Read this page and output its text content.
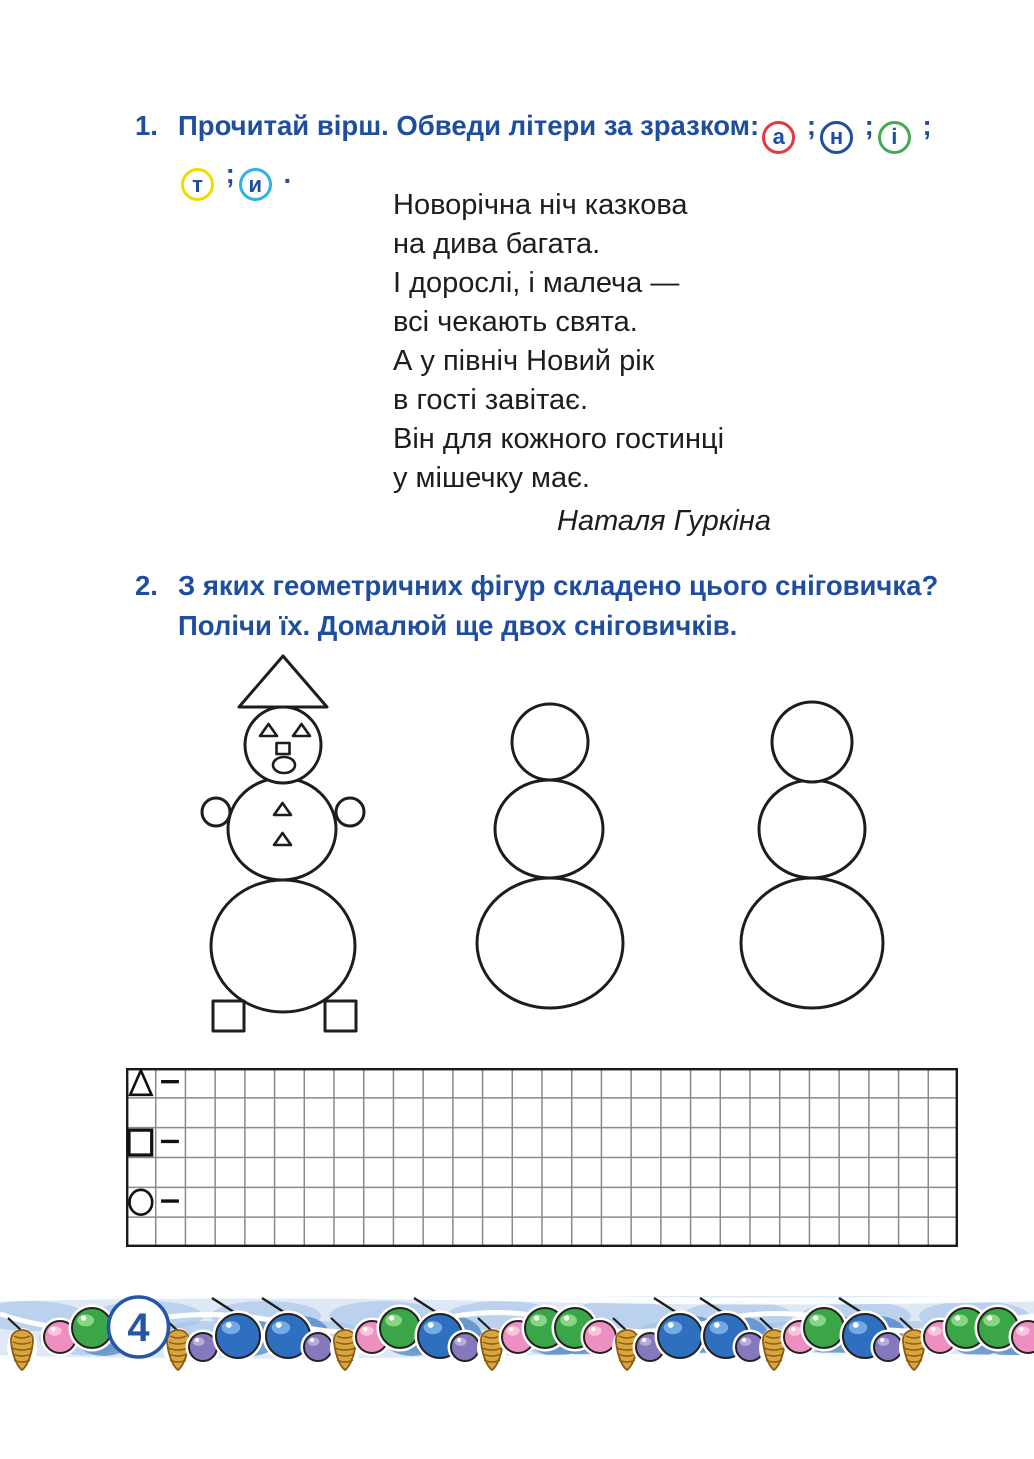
1. Прочитай вірш. Обведи літери за зразком: а ; н ; і ;
т ; и .
Новорічна ніч казкова
на дива багата.
І дорослі, і малеча —
всі чекають свята.
А у північ Новий рік
в гості завітає.
Він для кожного гостинці
у мішечку має.
Наталя Гуркіна
2. З яких геометричних фігур складено цього сніговичка?
Полічи їх. Домалюй ще двох сніговичків.
4
